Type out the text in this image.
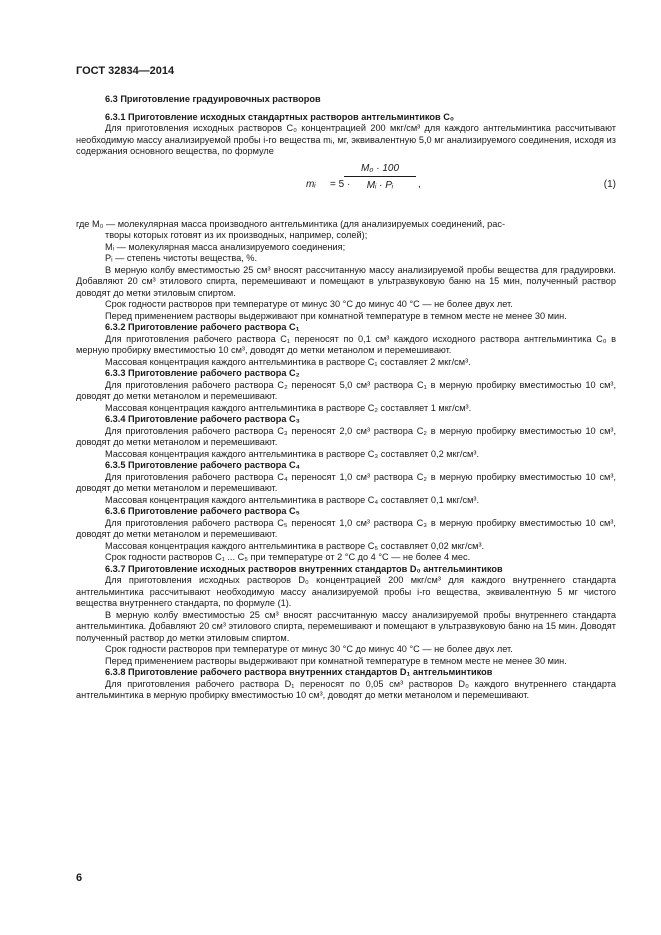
ГОСТ 32834—2014

6.3 Приготовление градуировочных растворов

6.3.1 Приготовление исходных стандартных растворов антгельминтиков C₀

Для приготовления исходных растворов C₀ концентрацией 200 мкг/см³ для каждого антгельминтика рассчитывают необходимую массу анализируемой пробы i-го вещества mᵢ, мг, эквивалентную 5,0 мг анализируемого соединения, исходя из содержания основного вещества, по формуле

mᵢ = 5 ·
$\frac{\text{M₀ · 100}}{\text{Mᵢ · Pᵢ}}$ ,	(1)

где M₀ — молекулярная масса производного антгельминтика (для анализируемых соединений, рас-
творы которых готовят из их производных, например, солей);

Mᵢ — молекулярная масса анализируемого соединения;

Pᵢ — степень чистоты вещества, %.

В мерную колбу вместимостью 25 см³ вносят рассчитанную массу анализируемой пробы вещества для градуировки. Добавляют 20 см³ этилового спирта, перемешивают и помещают в ультразвуковую баню на 15 мин, полученный раствор доводят до метки этиловым спиртом.

Срок годности растворов при температуре от минус 30 °С до минус 40 °С — не более двух лет.

Перед применением растворы выдерживают при комнатной температуре в темном месте не менее 30 мин.

6.3.2 Приготовление рабочего раствора C₁

Для приготовления рабочего раствора C₁ переносят по 0,1 см³ каждого исходного раствора антгельминтика C₀ в мерную пробирку вместимостью 10 см³, доводят до метки метанолом и перемешивают.

Массовая концентрация каждого антгельминтика в растворе C₁ составляет 2 мкг/см³.

6.3.3 Приготовление рабочего раствора C₂

Для приготовления рабочего раствора C₂ переносят 5,0 см³ раствора C₁ в мерную пробирку вместимостью 10 см³, доводят до метки метанолом и перемешивают.

Массовая концентрация каждого антгельминтика в растворе C₂ составляет 1 мкг/см³.

6.3.4 Приготовление рабочего раствора C₃

Для приготовления рабочего раствора C₃ переносят 2,0 см³ раствора C₂ в мерную пробирку вместимостью 10 см³, доводят до метки метанолом и перемешивают.

Массовая концентрация каждого антгельминтика в растворе C₃ составляет 0,2 мкг/см³.

6.3.5 Приготовление рабочего раствора C₄

Для приготовления рабочего раствора C₄ переносят 1,0 см³ раствора C₂ в мерную пробирку вместимостью 10 см³, доводят до метки метанолом и перемешивают.

Массовая концентрация каждого антгельминтика в растворе C₄ составляет 0,1 мкг/см³.

6.3.6 Приготовление рабочего раствора C₅

Для приготовления рабочего раствора C₅ переносят 1,0 см³ раствора C₃ в мерную пробирку вместимостью 10 см³, доводят до метки метанолом и перемешивают.

Массовая концентрация каждого антгельминтика в растворе C₅ составляет 0,02 мкг/см³.

Срок годности растворов C₁ ... C₅ при температуре от 2 °С до 4 °С — не более 4 мес.

6.3.7 Приготовление исходных растворов внутренних стандартов D₀ антгельминтиков

Для приготовления исходных растворов D₀ концентрацией 200 мкг/см³ для каждого внутреннего стандарта антгельминтика рассчитывают необходимую массу анализируемой пробы i-го вещества, эквивалентную 5 мг чистого вещества внутреннего стандарта, по формуле (1).

В мерную колбу вместимостью 25 см³ вносят рассчитанную массу анализируемой пробы внутреннего стандарта антгельминтика. Добавляют 20 см³ этилового спирта, перемешивают и помещают в ультразвуковую баню на 15 мин. Доводят полученный раствор до метки этиловым спиртом.

Срок годности растворов при температуре от минус 30 °С до минус 40 °С — не более двух лет.

Перед применением растворы выдерживают при комнатной температуре в темном месте не менее 30 мин.

6.3.8 Приготовление рабочего раствора внутренних стандартов D₁ антгельминтиков

Для приготовления рабочего раствора D₁ переносят по 0,05 см³ растворов D₀ каждого внутреннего стандарта антгельминтика в мерную пробирку вместимостью 10 см³, доводят до метки метанолом и перемешивают.

6
